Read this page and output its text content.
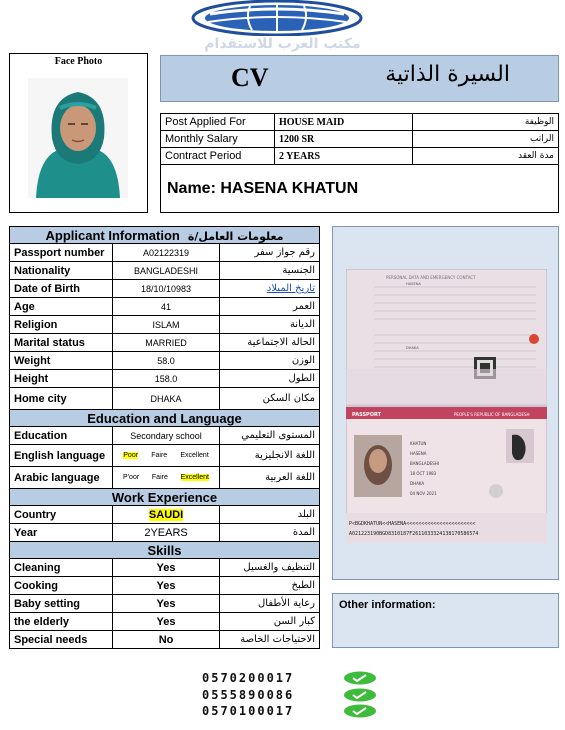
مكتب العرب للاستقدام
Face Photo
CV	السيرة الذاتية
Post Applied For	HOUSE MAID	الوظيفة
Monthly Salary	1200 SR	الراتب
Contract Period	2 YEARS	مدة العقد
Name: HASENA KHATUN
Applicant Information معلومات العامل/ة		
Passport number	A02122319	رقم جواز سفر
Nationality	BANGLADESHI	الجنسية
Date of Birth	18/10/10983	تاريخ الميلاد
Age	41	العمر
Religion	ISLAM	الديانة
Marital status	MARRIED	الحالة الاجتماعية
Weight	58.0	الوزن
Height	158.0	الطول
Home city	DHAKA	مكان السكن
Education and Language		
Education	Secondary school	المستوى التعليمي
English language	Poor Faire Excellent	اللغة الانجليزية
Arabic language	P'oor Faire Excellent	اللغة العربية
Work Experience		
Country	SAUDI	البلد
Year	2YEARS	المدة
Skills		
Cleaning	Yes	التنظيف والغسيل
Cooking	Yes	الطبخ
Baby setting	Yes	رعاية الأطفال
the elderly	Yes	كبار السن
Special needs	No	الاحتياجات الخاصة
PERSONAL DATA AND EMERGENCY CONTACT
HASENA
DHAKA
PASSPORT	PEOPLE'S REPUBLIC OF BANGLADESH
KHATUN
HASENA
BANGLADESHI
18 OCT 1983
DHAKA
04 NOV 2021
P<BGDKHATUN<<HASENA<<<<<<<<<<<<<<<<<<<<<<<
A021223190BGD8310187F2611033324138170586574
Other information:
0570200017
0555890086
0570100017
